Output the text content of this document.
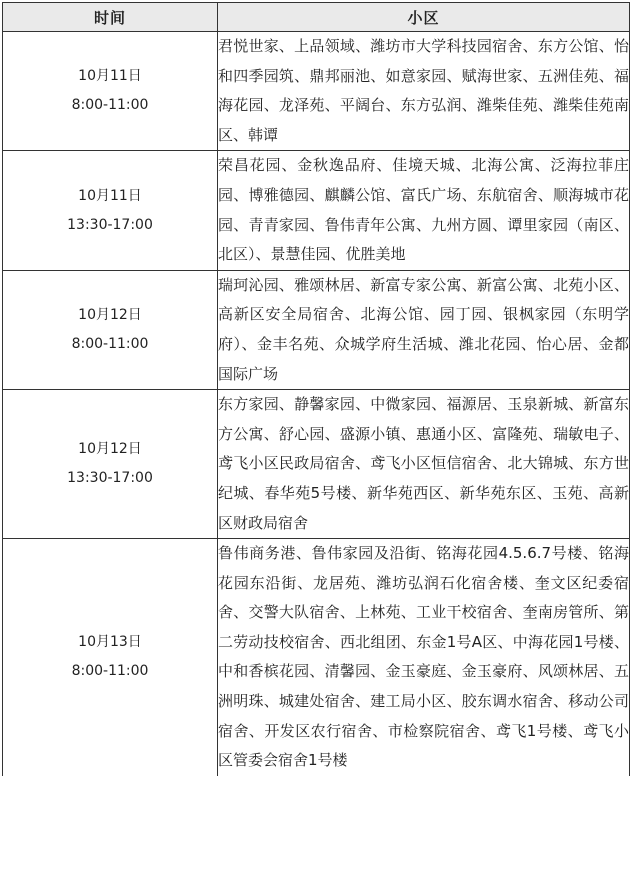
时间	小区

10月11日
8:00-11:00	君悦世家、上品领域、潍坊市大学科技园宿舍、东方公馆、怡和四季园筑、鼎邦丽池、如意家园、赋海世家、五洲佳苑、福海花园、龙泽苑、平阔台、东方弘润、潍柴佳苑、潍柴佳苑南区、韩谭

10月11日
13:30-17:00	荣昌花园、金秋逸品府、佳境天城、北海公寓、泛海拉菲庄园、博雅德园、麒麟公馆、富氏广场、东航宿舍、顺海城市花园、青青家园、鲁伟青年公寓、九州方圆、谭里家园（南区、北区）、景慧佳园、优胜美地

10月12日
8:00-11:00	瑞珂沁园、雅颂林居、新富专家公寓、新富公寓、北苑小区、高新区安全局宿舍、北海公馆、园丁园、银枫家园（东明学府）、金丰名苑、众城学府生活城、潍北花园、怡心居、金都国际广场

10月12日
13:30-17:00	东方家园、静馨家园、中微家园、福源居、玉泉新城、新富东方公寓、舒心园、盛源小镇、惠通小区、富隆苑、瑞敏电子、鸢飞小区民政局宿舍、鸢飞小区恒信宿舍、北大锦城、东方世纪城、春华苑5号楼、新华苑西区、新华苑东区、玉苑、高新区财政局宿舍

10月13日
8:00-11:00	鲁伟商务港、鲁伟家园及沿街、铭海花园4.5.6.7号楼、铭海花园东沿街、龙居苑、潍坊弘润石化宿舍楼、奎文区纪委宿舍、交警大队宿舍、上林苑、工业干校宿舍、奎南房管所、第二劳动技校宿舍、西北组团、东金1号A区、中海花园1号楼、中和香槟花园、清馨园、金玉豪庭、金玉豪府、风颂林居、五洲明珠、城建处宿舍、建工局小区、胶东调水宿舍、移动公司宿舍、开发区农行宿舍、市检察院宿舍、鸢飞1号楼、鸢飞小区管委会宿舍1号楼
